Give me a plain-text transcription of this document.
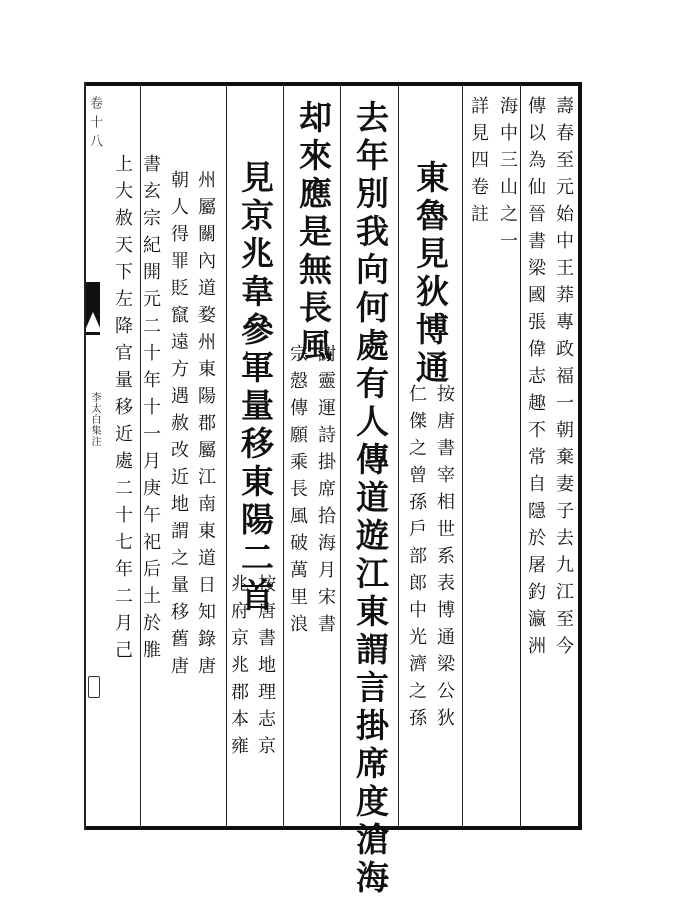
卷十八
李太白集注	壽春至元始中王莽專政福一朝棄妻子去九江至今
傳以為仙晉書梁國張偉志趣不常自隱於屠釣瀛洲
海中三山之一
詳見四卷註
東魯見狄博通
按唐書宰相世系表博通梁公狄
仁傑之曾孫戶部郎中光濟之孫
去年別我向何處有人傳道遊江東謂言掛席度滄海
却來應是無長風
謝靈運詩掛席拾海月宋書
宗慤傳願乘長風破萬里浪
見京兆韋參軍量移東陽二首
按唐書地理志京
兆府京兆郡本雍
州屬關內道婺州東陽郡屬江南東道日知錄唐
朝人得罪貶竄遠方遇赦改近地謂之量移舊唐
書玄宗紀開元二十年十一月庚午祀后土於脽
上大赦天下左降官量移近處二十七年二月己
